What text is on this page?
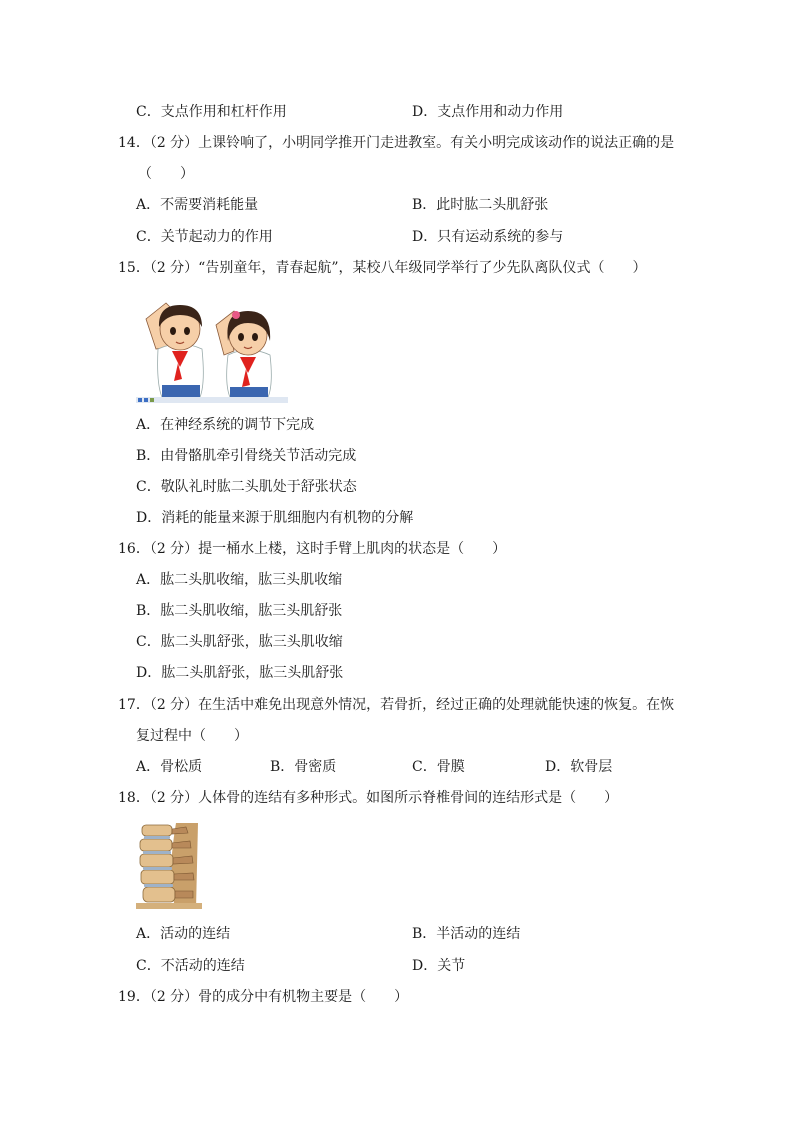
C．支点作用和杠杆作用	D．支点作用和动力作用
14．（2 分）上课铃响了，小明同学推开门走进教室。有关小明完成该动作的说法正确的是
（　　）
A．不需要消耗能量	B．此时肱二头肌舒张
C．关节起动力的作用	D．只有运动系统的参与
15．（2 分）“告别童年，青春起航”，某校八年级同学举行了少先队离队仪式（　　）
A．在神经系统的调节下完成
B．由骨骼肌牵引骨绕关节活动完成
C．敬队礼时肱二头肌处于舒张状态
D．消耗的能量来源于肌细胞内有机物的分解
16．（2 分）提一桶水上楼，这时手臂上肌肉的状态是（　　）
A．肱二头肌收缩，肱三头肌收缩
B．肱二头肌收缩，肱三头肌舒张
C．肱二头肌舒张，肱三头肌收缩
D．肱二头肌舒张，肱三头肌舒张
17．（2 分）在生活中难免出现意外情况，若骨折，经过正确的处理就能快速的恢复。在恢
复过程中（　　）
A．骨松质	B．骨密质	C．骨膜	D．软骨层
18．（2 分）人体骨的连结有多种形式。如图所示脊椎骨间的连结形式是（　　）
A．活动的连结	B．半活动的连结
C．不活动的连结	D．关节
19．（2 分）骨的成分中有机物主要是（　　）
